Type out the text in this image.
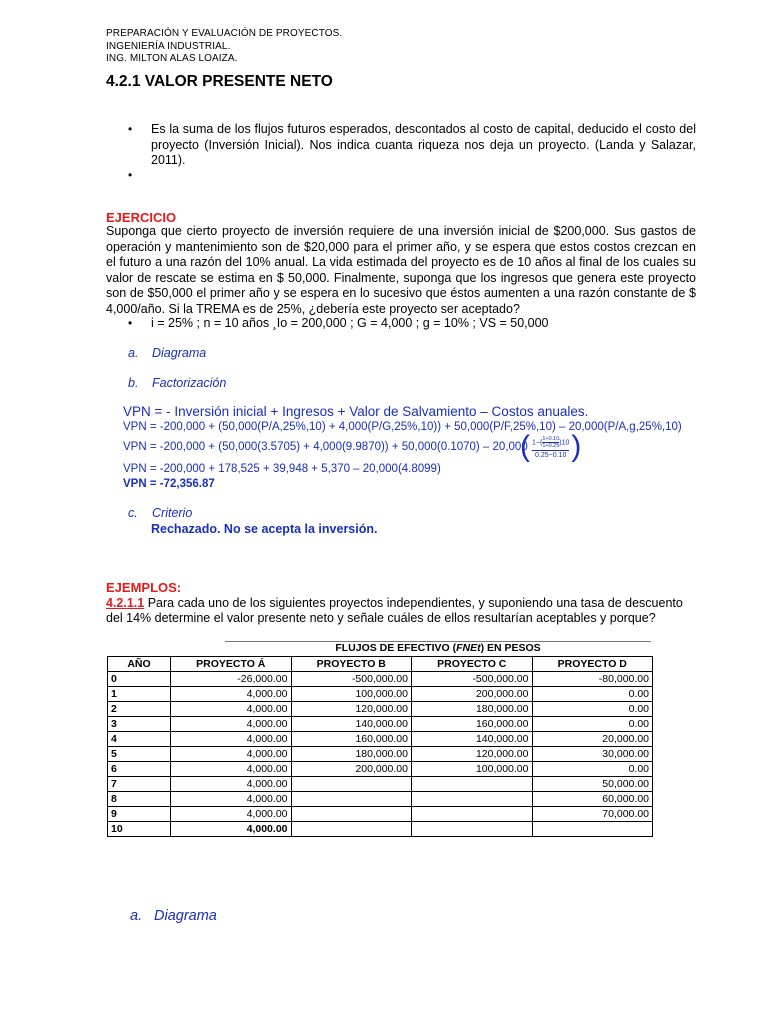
PREPARACIÓN Y EVALUACIÓN DE PROYECTOS.
INGENIERÍA INDUSTRIAL.
ING. MILTON ALAS LOAIZA.
4.2.1 VALOR PRESENTE NETO
•	Es la suma de los flujos futuros esperados, descontados al costo de capital, deducido el costo del proyecto (Inversión Inicial). Nos indica cuanta riqueza nos deja un proyecto. (Landa y Salazar, 2011).
•
EJERCICIO
Suponga que cierto proyecto de inversión requiere de una inversión inicial de $200,000. Sus gastos de operación y mantenimiento son de $20,000 para el primer año, y se espera que estos costos crezcan en el futuro a una razón del 10% anual. La vida estimada del proyecto es de 10 años al final de los cuales su valor de rescate se estima en $ 50,000. Finalmente, suponga que los ingresos que genera este proyecto son de $50,000 el primer año y se espera en lo sucesivo que éstos aumenten a una razón constante de $ 4,000/año. Si la TREMA es de 25%, ¿debería este proyecto ser aceptado?
•	i = 25% ; n = 10 años ¸Io = 200,000 ; G = 4,000 ; g = 10% ; VS = 50,000
a. Diagrama
b. Factorización
VPN = - Inversión inicial + Ingresos + Valor de Salvamiento – Costos anuales.
VPN = -200,000 + (50,000(P/A,25%,10) + 4,000(P/G,25%,10)) + 50,000(P/F,25%,10) – 20,000(P/A,g,25%,10)
VPN = -200,000 + (50,000(3.5705) + 4,000(9.9870)) + 50,000(0.1070) – 20,000
( $\frac{1-( \frac{1+0.10}{1+0.25} )10}{0.25-0.10}$ )
VPN = -200,000 + 178,525 + 39,948 + 5,370 – 20,000(4.8099)
VPN = -72,356.87
c. Criterio
Rechazado. No se acepta la inversión.
EJEMPLOS:
4.2.1.1 Para cada uno de los siguientes proyectos independientes, y suponiendo una tasa de descuento del 14% determine el valor presente neto y señale cuáles de ellos resultarían aceptables y porque?
FLUJOS DE EFECTIVO (FNEt) EN PESOS
AÑO	PROYECTO Á	PROYECTO B	PROYECTO C	PROYECTO D
0	-26,000.00	-500,000.00	-500,000.00	-80,000.00
1	4,000.00	100,000.00	200,000.00	0.00
2	4,000.00	120,000.00	180,000.00	0.00
3	4,000.00	140,000.00	160,000.00	0.00
4	4,000.00	160,000.00	140,000.00	20,000.00
5	4,000.00	180,000.00	120,000.00	30,000.00
6	4,000.00	200,000.00	100,000.00	0.00
7	4,000.00			50,000.00
8	4,000.00			60,000.00
9	4,000.00			70,000.00
10	4,000.00			
a. Diagrama
